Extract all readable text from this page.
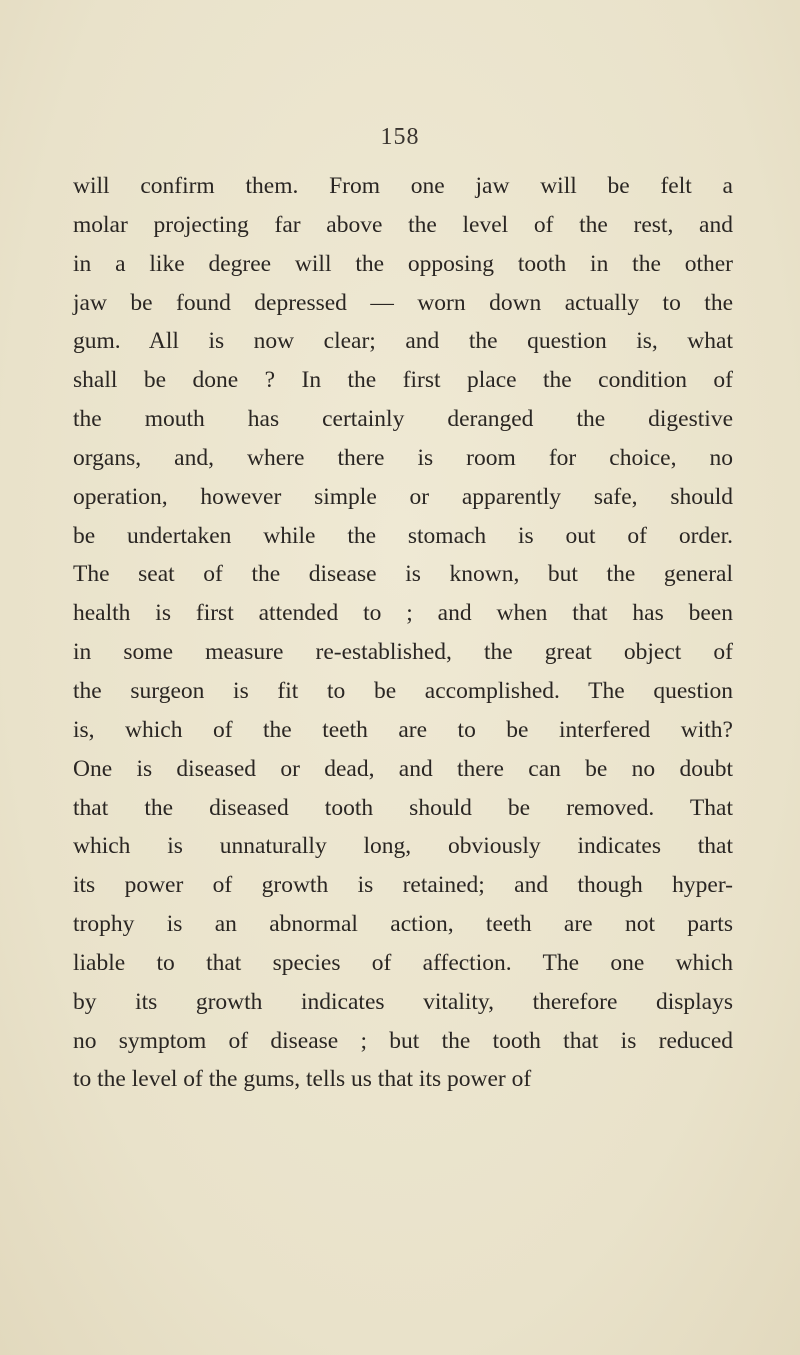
158
will confirm them. From one jaw will be felt a
molar projecting far above the level of the rest, and
in a like degree will the opposing tooth in the other
jaw be found depressed — worn down actually to the
gum. All is now clear; and the question is, what
shall be done ? In the first place the condition of
the mouth has certainly deranged the digestive
organs, and, where there is room for choice, no
operation, however simple or apparently safe, should
be undertaken while the stomach is out of order.
The seat of the disease is known, but the general
health is first attended to ; and when that has been
in some measure re-established, the great object of
the surgeon is fit to be accomplished. The question
is, which of the teeth are to be interfered with?
One is diseased or dead, and there can be no doubt
that the diseased tooth should be removed. That
which is unnaturally long, obviously indicates that
its power of growth is retained; and though hyper-
trophy is an abnormal action, teeth are not parts
liable to that species of affection. The one which
by its growth indicates vitality, therefore displays
no symptom of disease ; but the tooth that is reduced
to the level of the gums, tells us that its power of
